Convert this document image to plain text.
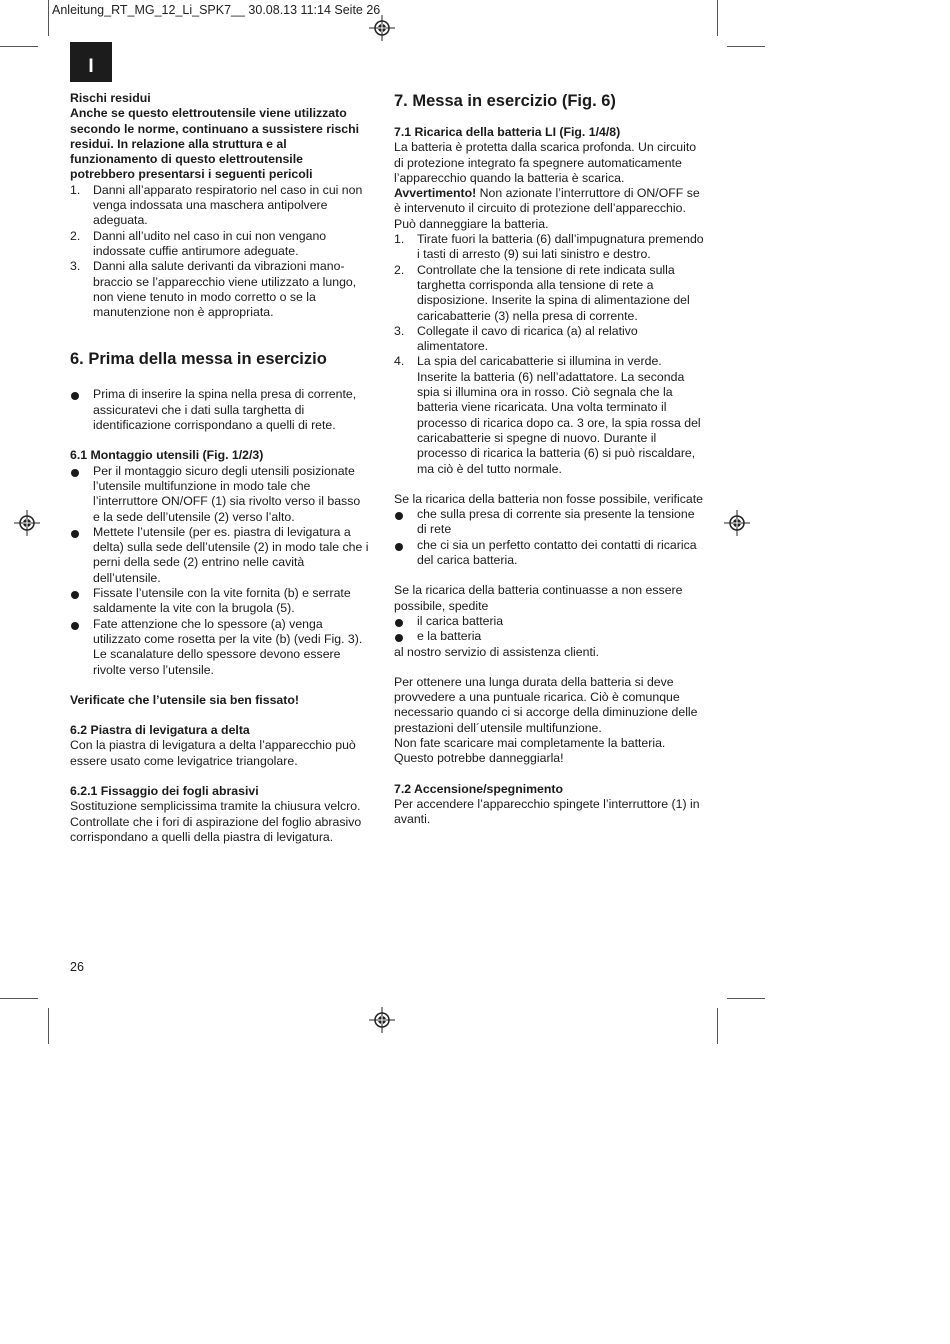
Anleitung_RT_MG_12_Li_SPK7__ 30.08.13 11:14 Seite 26
I

Rischi residui

Anche se questo elettroutensile viene utilizzato secondo le norme, continuano a sussistere rischi residui. In relazione alla struttura e al funzionamento di questo elettroutensile potrebbero presentarsi i seguenti pericoli

1. Danni all’apparato respiratorio nel caso in cui non venga indossata una maschera antipolvere adeguata.
2. Danni all’udito nel caso in cui non vengano indossate cuffie antirumore adeguate.
3. Danni alla salute derivanti da vibrazioni mano-braccio se l’apparecchio viene utilizzato a lungo, non viene tenuto in modo corretto o se la manutenzione non è appropriata.

6. Prima della messa in esercizio

Prima di inserire la spina nella presa di corrente, assicuratevi che i dati sulla targhetta di identificazione corrispondano a quelli di rete.

6.1 Montaggio utensili (Fig. 1/2/3)

Per il montaggio sicuro degli utensili posizionate l’utensile multifunzione in modo tale che l’interruttore ON/OFF (1) sia rivolto verso il basso e la sede dell’utensile (2) verso l’alto.
Mettete l’utensile (per es. piastra di levigatura a delta) sulla sede dell’utensile (2) in modo tale che i perni della sede (2) entrino nelle cavità dell’utensile.
Fissate l’utensile con la vite fornita (b) e serrate saldamente la vite con la brugola (5).
Fate attenzione che lo spessore (a) venga utilizzato come rosetta per la vite (b) (vedi Fig. 3). Le scanalature dello spessore devono essere rivolte verso l’utensile.

Verificate che l’utensile sia ben fissato!

6.2 Piastra di levigatura a delta

Con la piastra di levigatura a delta l’apparecchio può essere usato come levigatrice triangolare.

6.2.1 Fissaggio dei fogli abrasivi

Sostituzione semplicissima tramite la chiusura velcro. Controllate che i fori di aspirazione del foglio abrasivo corrispondano a quelli della piastra di levigatura.

7. Messa in esercizio (Fig. 6)

7.1 Ricarica della batteria LI (Fig. 1/4/8)

La batteria è protetta dalla scarica profonda. Un circuito di protezione integrato fa spegnere automaticamente l’apparecchio quando la batteria è scarica.

Avvertimento! Non azionate l’interruttore di ON/OFF se è intervenuto il circuito di protezione dell’apparecchio. Può danneggiare la batteria.

1. Tirate fuori la batteria (6) dall’impugnatura premendo i tasti di arresto (9) sui lati sinistro e destro.
2. Controllate che la tensione di rete indicata sulla targhetta corrisponda alla tensione di rete a disposizione. Inserite la spina di alimentazione del caricabatterie (3) nella presa di corrente.
3. Collegate il cavo di ricarica (a) al relativo alimentatore.
4. La spia del caricabatterie si illumina in verde. Inserite la batteria (6) nell’adattatore. La seconda spia si illumina ora in rosso. Ciò segnala che la batteria viene ricaricata. Una volta terminato il processo di ricarica dopo ca. 3 ore, la spia rossa del caricabatterie si spegne di nuovo. Durante il processo di ricarica la batteria (6) si può riscaldare, ma ciò è del tutto normale.

Se la ricarica della batteria non fosse possibile, verificate

che sulla presa di corrente sia presente la tensione di rete
che ci sia un perfetto contatto dei contatti di ricarica del carica batteria.

Se la ricarica della batteria continuasse a non essere possibile, spedite

il carica batteria
e la batteria

al nostro servizio di assistenza clienti.

Per ottenere una lunga durata della batteria si deve provvedere a una puntuale ricarica. Ciò è comunque necessario quando ci si accorge della diminuzione delle prestazioni dell´utensile multifunzione.

Non fate scaricare mai completamente la batteria. Questo potrebbe danneggiarla!

7.2 Accensione/spegnimento

Per accendere l’apparecchio spingete l’interruttore (1) in avanti.

26
